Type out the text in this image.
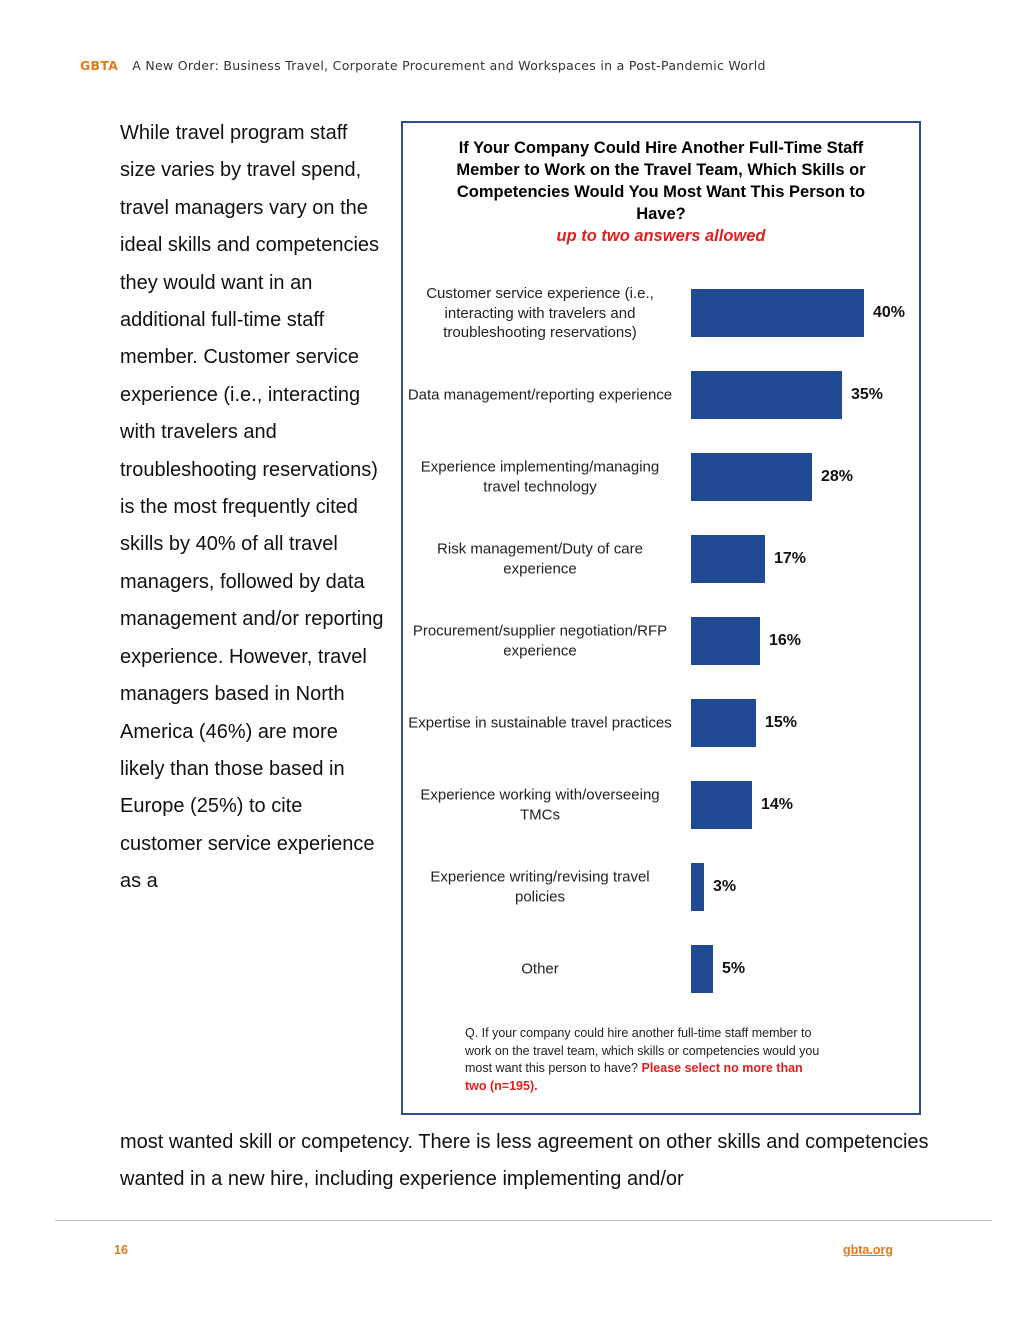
GBTA A New Order: Business Travel, Corporate Procurement and Workspaces in a Post-Pandemic World

While travel program staff size varies by travel spend, travel managers vary on the ideal skills and competencies they would want in an additional full-time staff member. Customer service experience (i.e., interacting with travelers and troubleshooting reservations) is the most frequently cited skills by 40% of all travel managers, followed by data management and/or reporting experience. However, travel managers based in North America (46%) are more likely than those based in Europe (25%) to cite customer service experience as a

If Your Company Could Hire Another Full-Time Staff Member to Work on the Travel Team, Which Skills or Competencies Would You Most Want This Person to Have?
up to two answers allowed
Customer service experience (i.e., interacting with travelers and troubleshooting reservations)
40%
Data management/reporting experience	35%
Experience implementing/managing travel technology
28%
Risk management/Duty of care experience
17%
Procurement/supplier negotiation/RFP experience
16%
Expertise in sustainable travel practices	15%
Experience working with/overseeing TMCs
14%
Experience writing/revising travel policies
3%
Other	5%
Q. If your company could hire another full-time staff member to work on the travel team, which skills or competencies would you most want this person to have? Please select no more than two (n=195).

most wanted skill or competency. There is less agreement on other skills and competencies wanted in a new hire, including experience implementing and/or

16	gbta.org
